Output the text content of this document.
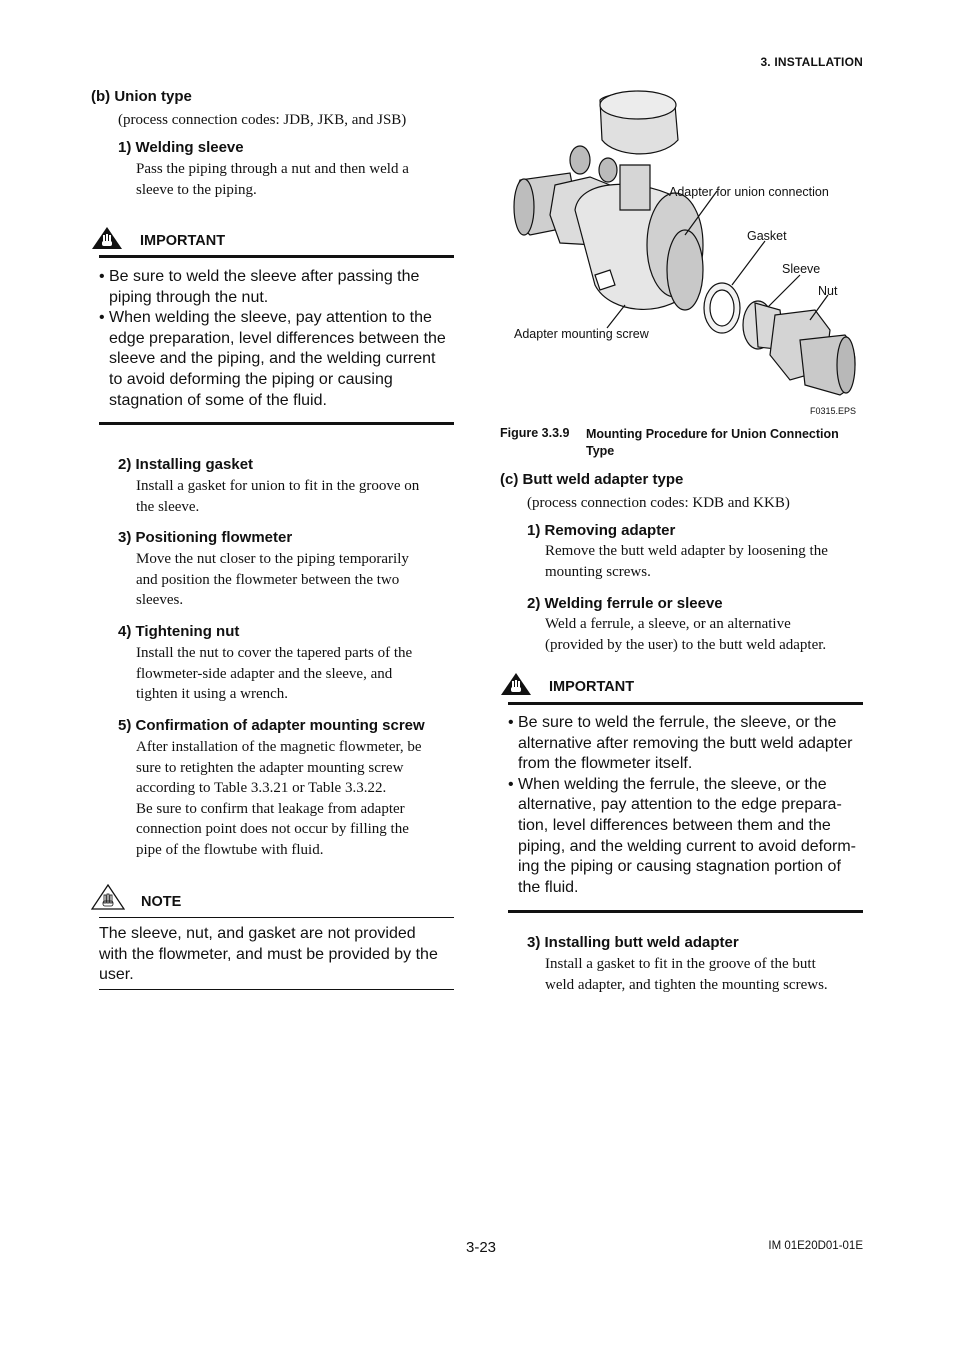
3. INSTALLATION
(b) Union type
(process connection codes: JDB, JKB, and JSB)
1) Welding sleeve
Pass the piping through a nut and then weld a
sleeve to the piping.
IMPORTANT
• Be sure to weld the sleeve after passing the
piping through the nut.
• When welding the sleeve, pay attention to the
edge preparation, level differences between the
sleeve and the piping, and the welding current
to avoid deforming the piping or causing
stagnation of some of the fluid.
2) Installing gasket
Install a gasket for union to fit in the groove on
the sleeve.
3) Positioning flowmeter
Move the nut closer to the piping temporarily
and position the flowmeter between the two
sleeves.
4) Tightening nut
Install the nut to cover the tapered parts of the
flowmeter-side adapter and the sleeve, and
tighten it using a wrench.
5) Confirmation of adapter mounting screw
After installation of the magnetic flowmeter, be
sure to retighten the adapter mounting screw
according to Table 3.3.21 or Table 3.3.22.
Be sure to confirm that leakage from adapter
connection point does not occur by filling the
pipe of the flowtube with fluid.
NOTE
The sleeve, nut, and gasket are not provided
with the flowmeter, and must be provided by the
user.
Adapter for union connection
Gasket
Sleeve
Nut
Adapter mounting screw
F0315.EPS
Figure 3.3.9 Mounting Procedure for Union Connection
Type
(c) Butt weld adapter type
(process connection codes: KDB and KKB)
1) Removing adapter
Remove the butt weld adapter by loosening the
mounting screws.
2) Welding ferrule or sleeve
Weld a ferrule, a sleeve, or an alternative
(provided by the user) to the butt weld adapter.
IMPORTANT
• Be sure to weld the ferrule, the sleeve, or the
alternative after removing the butt weld adapter
from the flowmeter itself.
• When welding the ferrule, the sleeve, or the
alternative, pay attention to the edge prepara-
tion, level differences between them and the
piping, and the welding current to avoid deform-
ing the piping or causing stagnation portion of
the fluid.
3) Installing butt weld adapter
Install a gasket to fit in the groove of the butt
weld adapter, and tighten the mounting screws.
3-23	IM 01E20D01-01E
